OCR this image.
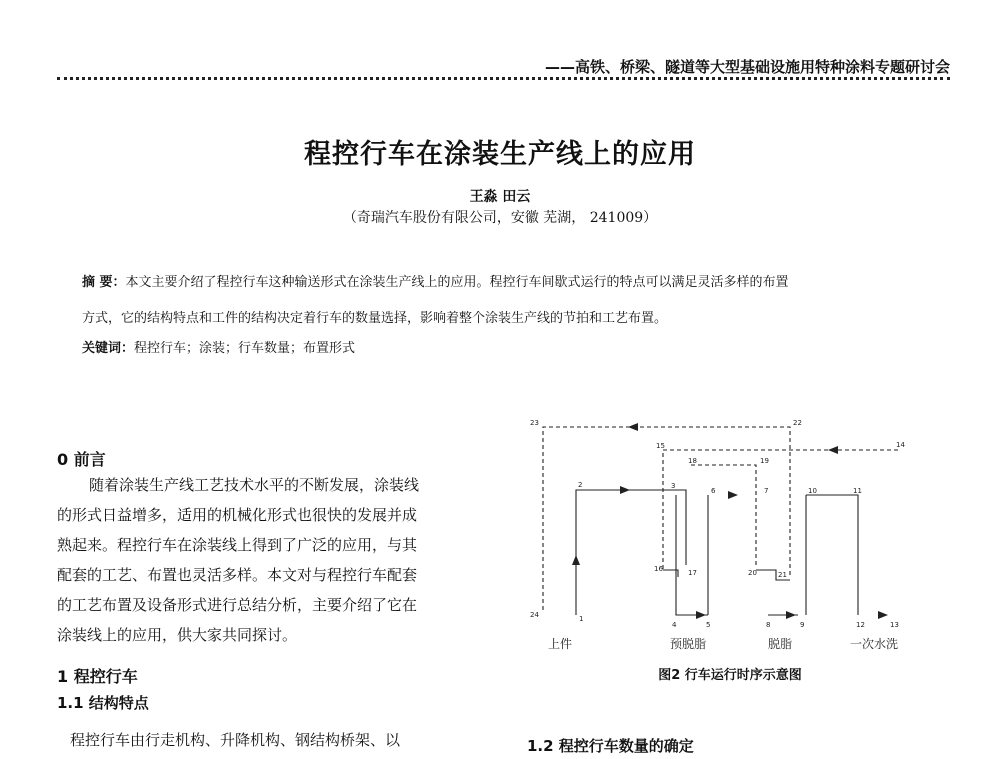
——高铁、桥梁、隧道等大型基础设施用特种涂料专题研讨会
程控行车在涂装生产线上的应用
王淼 田云
（奇瑞汽车股份有限公司，安徽 芜湖， 241009）
摘 要：本文主要介绍了程控行车这种输送形式在涂装生产线上的应用。程控行车间歇式运行的特点可以满足灵活多样的布置
方式，它的结构特点和工件的结构决定着行车的数量选择，影响着整个涂装生产线的节拍和工艺布置。
关键词：程控行车；涂装；行车数量；布置形式
0 前言
随着涂装生产线工艺技术水平的不断发展，涂装线
的形式日益增多，适用的机械化形式也很快的发展并成
熟起来。程控行车在涂装线上得到了广泛的应用，与其
配套的工艺、布置也灵活多样。本文对与程控行车配套
的工艺布置及设备形式进行总结分析，主要介绍了它在
涂装线上的应用，供大家共同探讨。
1 程控行车
1.1 结构特点
程控行车由行走机构、升降机构、钢结构桥架、以
1
2	3
4	5
6	7
8	9
10	11
12	13
14
15
16	17
18	19
20	21
22
23
24
上件	预脱脂	脱脂	一次水洗
图2 行车运行时序示意图
1.2 程控行车数量的确定
